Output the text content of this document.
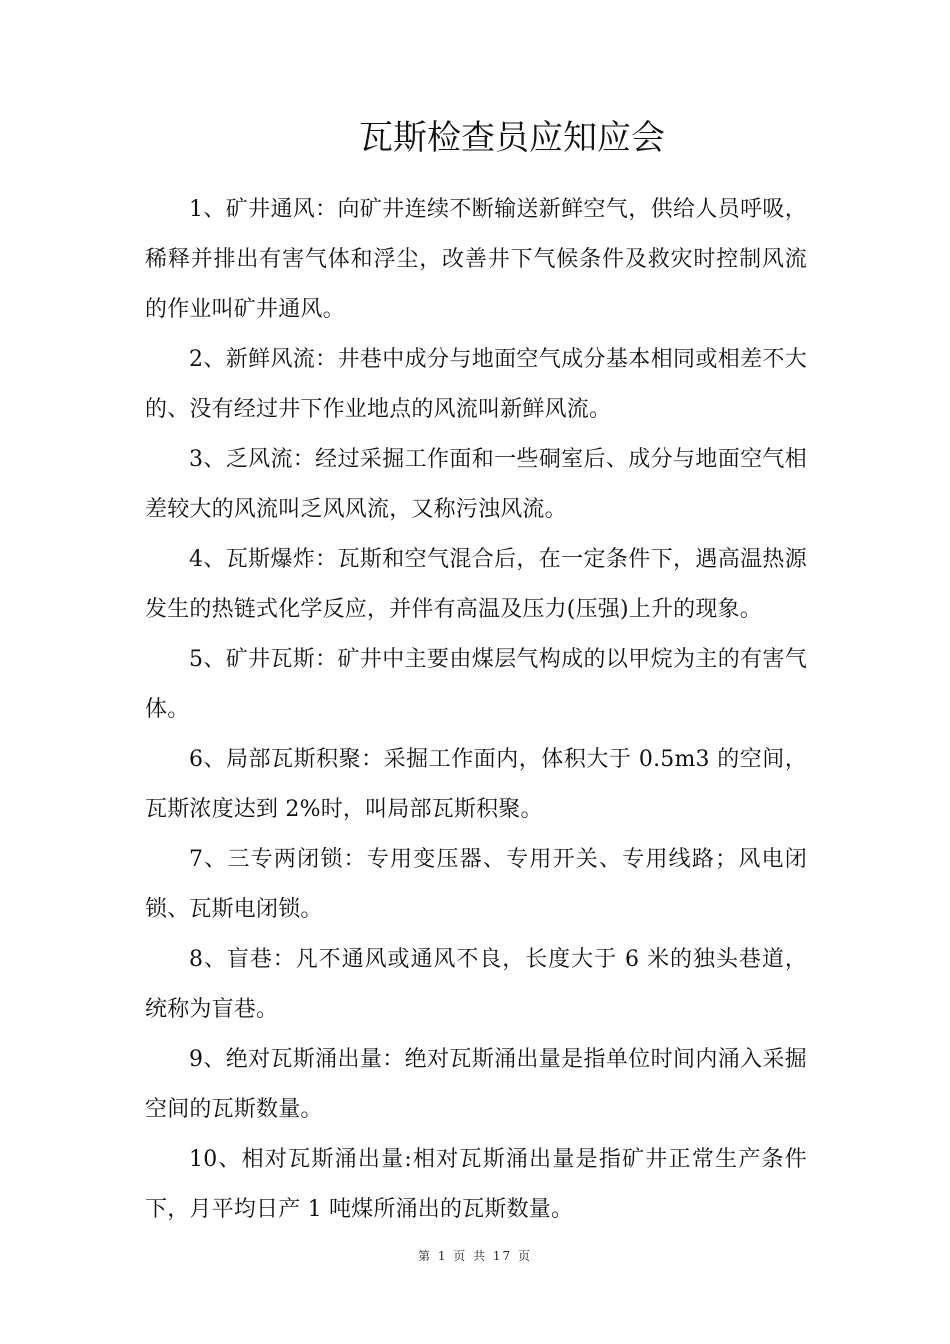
瓦斯检查员应知应会

1、矿井通风：向矿井连续不断输送新鲜空气，供给人员呼吸，稀释并排出有害气体和浮尘，改善井下气候条件及救灾时控制风流的作业叫矿井通风。

2、新鲜风流：井巷中成分与地面空气成分基本相同或相差不大的、没有经过井下作业地点的风流叫新鲜风流。

3、乏风流：经过采掘工作面和一些硐室后、成分与地面空气相差较大的风流叫乏风风流，又称污浊风流。

4、瓦斯爆炸：瓦斯和空气混合后，在一定条件下，遇高温热源发生的热链式化学反应，并伴有高温及压力(压强)上升的现象。

5、矿井瓦斯：矿井中主要由煤层气构成的以甲烷为主的有害气体。

6、局部瓦斯积聚：采掘工作面内，体积大于 0.5m3 的空间，瓦斯浓度达到 2%时，叫局部瓦斯积聚。

7、三专两闭锁：专用变压器、专用开关、专用线路；风电闭锁、瓦斯电闭锁。

8、盲巷：凡不通风或通风不良，长度大于 6 米的独头巷道，统称为盲巷。

9、绝对瓦斯涌出量：绝对瓦斯涌出量是指单位时间内涌入采掘空间的瓦斯数量。

10、相对瓦斯涌出量:相对瓦斯涌出量是指矿井正常生产条件下，月平均日产 1 吨煤所涌出的瓦斯数量。

第 1 页 共 17 页
